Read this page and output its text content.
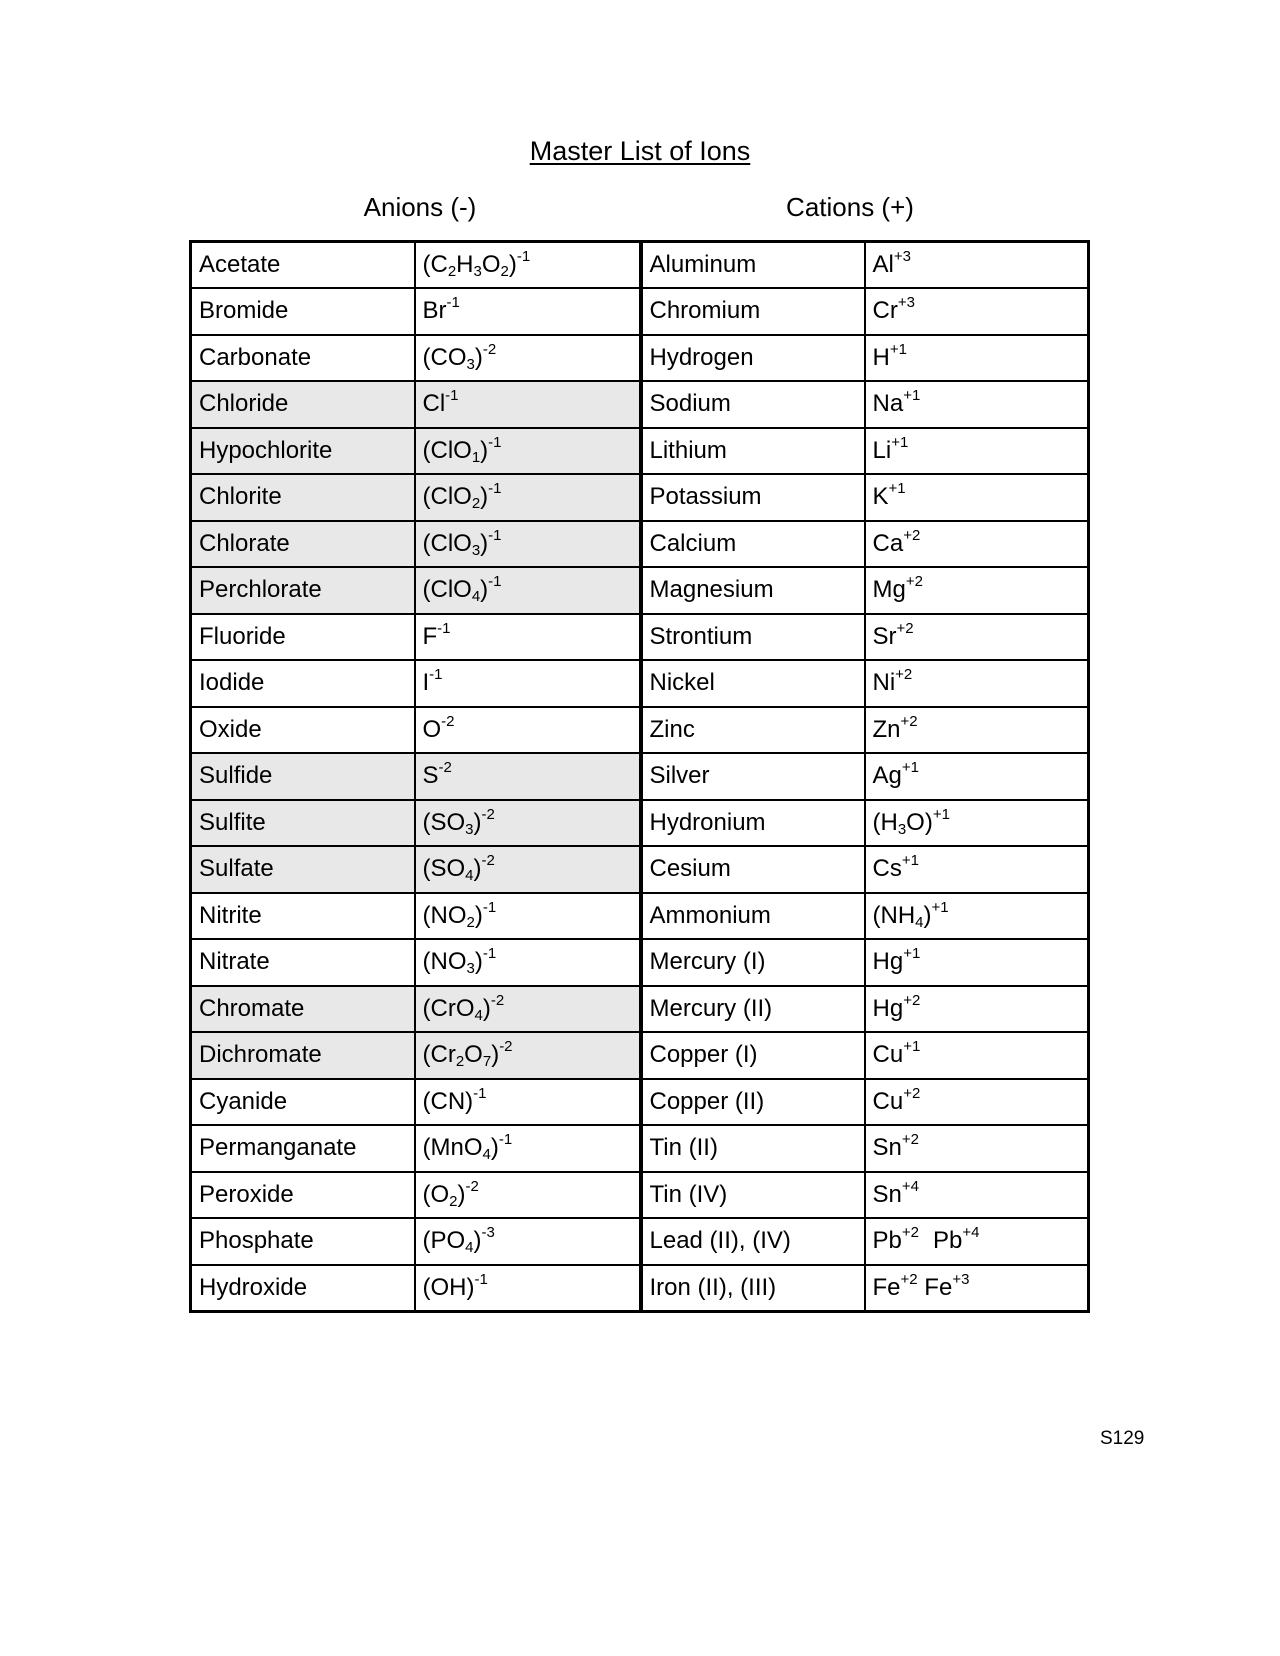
Master List of Ions
Anions (-)	Cations (+)
Acetate	$(C_2H_3O_2)^{-1}$	Aluminum	$Al^{+3}$
Bromide	$Br^{-1}$	Chromium	$Cr^{+3}$
Carbonate	$(CO_3)^{-2}$	Hydrogen	$H^{+1}$
Chloride	$Cl^{-1}$	Sodium	$Na^{+1}$
Hypochlorite	$(ClO_1)^{-1}$	Lithium	$Li^{+1}$
Chlorite	$(ClO_2)^{-1}$	Potassium	$K^{+1}$
Chlorate	$(ClO_3)^{-1}$	Calcium	$Ca^{+2}$
Perchlorate	$(ClO_4)^{-1}$	Magnesium	$Mg^{+2}$
Fluoride	$F^{-1}$	Strontium	$Sr^{+2}$
Iodide	$I^{-1}$	Nickel	$Ni^{+2}$
Oxide	$O^{-2}$	Zinc	$Zn^{+2}$
Sulfide	$S^{-2}$	Silver	$Ag^{+1}$
Sulfite	$(SO_3)^{-2}$	Hydronium	$(H_3O)^{+1}$
Sulfate	$(SO_4)^{-2}$	Cesium	$Cs^{+1}$
Nitrite	$(NO_2)^{-1}$	Ammonium	$(NH_4)^{+1}$
Nitrate	$(NO_3)^{-1}$	Mercury (I)	$Hg^{+1}$
Chromate	$(CrO_4)^{-2}$	Mercury (II)	$Hg^{+2}$
Dichromate	$(Cr_2O_7)^{-2}$	Copper (I)	$Cu^{+1}$
Cyanide	(CN)$^{-1}$	Copper (II)	$Cu^{+2}$
Permanganate	$(MnO_4)^{-1}$	Tin (II)	$Sn^{+2}$
Peroxide	$(O_2)^{-2}$	Tin (IV)	$Sn^{+4}$
Phosphate	$(PO_4)^{-3}$	Lead (II), (IV)	$Pb^{+2}$ $Pb^{+4}$
Hydroxide	(OH)$^{-1}$	Iron (II), (III)	$Fe^{+2}$ $Fe^{+3}$
S129
